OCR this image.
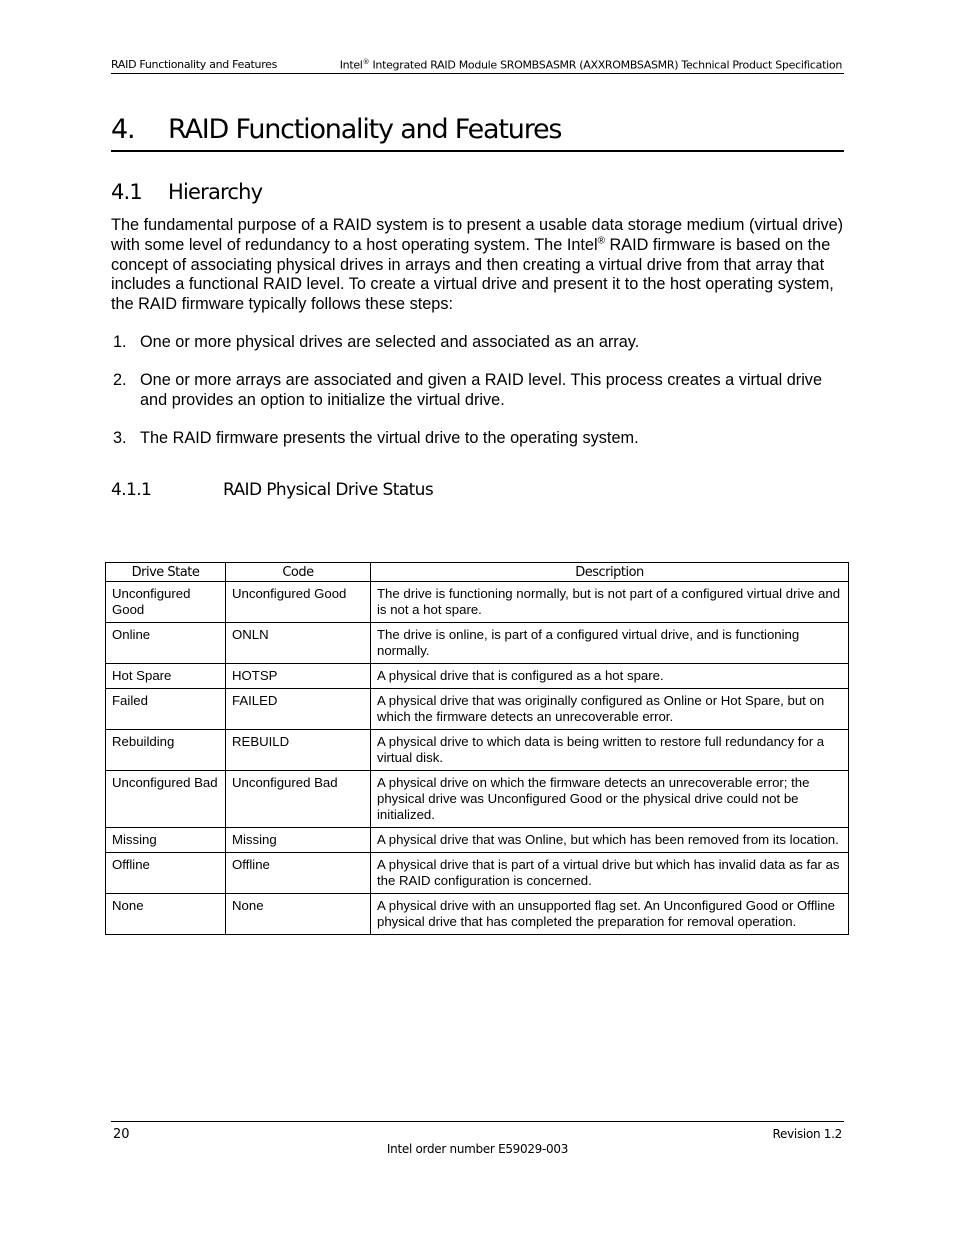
RAID Functionality and Features	Intel® Integrated RAID Module SROMBSASMR (AXXROMBSASMR) Technical Product Specification
4. RAID Functionality and Features
4.1 Hierarchy
The fundamental purpose of a RAID system is to present a usable data storage medium (virtual drive) with some level of redundancy to a host operating system. The Intel® RAID firmware is based on the concept of associating physical drives in arrays and then creating a virtual drive from that array that includes a functional RAID level. To create a virtual drive and present it to the host operating system, the RAID firmware typically follows these steps:
1. One or more physical drives are selected and associated as an array.
2. One or more arrays are associated and given a RAID level. This process creates a virtual drive and provides an option to initialize the virtual drive.
3. The RAID firmware presents the virtual drive to the operating system.
4.1.1	RAID Physical Drive Status
Drive State	Code	Description
Unconfigured Good	Unconfigured Good	The drive is functioning normally, but is not part of a configured virtual drive and is not a hot spare.
Online	ONLN	The drive is online, is part of a configured virtual drive, and is functioning normally.
Hot Spare	HOTSP	A physical drive that is configured as a hot spare.
Failed	FAILED	A physical drive that was originally configured as Online or Hot Spare, but on which the firmware detects an unrecoverable error.
Rebuilding	REBUILD	A physical drive to which data is being written to restore full redundancy for a virtual disk.
Unconfigured Bad	Unconfigured Bad	A physical drive on which the firmware detects an unrecoverable error; the physical drive was Unconfigured Good or the physical drive could not be initialized.
Missing	Missing	A physical drive that was Online, but which has been removed from its location.
Offline	Offline	A physical drive that is part of a virtual drive but which has invalid data as far as the RAID configuration is concerned.
None	None	A physical drive with an unsupported flag set. An Unconfigured Good or Offline physical drive that has completed the preparation for removal operation.
20	Revision 1.2
Intel order number E59029-003
